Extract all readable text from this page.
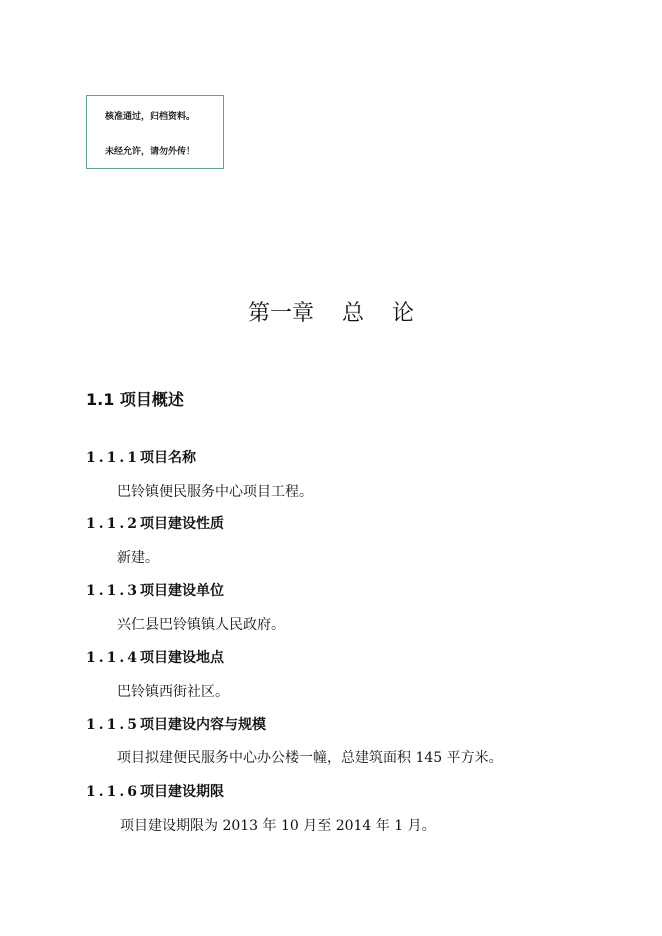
核准通过，归档资料。
未经允许，请勿外传！
第一章    总    论
1.1 项目概述
1.1.1项目名称

巴铃镇便民服务中心项目工程。

1.1.2项目建设性质

新建。

1.1.3项目建设单位

兴仁县巴铃镇镇人民政府。

1.1.4项目建设地点

巴铃镇西街社区。

1.1.5项目建设内容与规模

项目拟建便民服务中心办公楼一幢，总建筑面积 145 平方米。

1.1.6项目建设期限

项目建设期限为 2013 年 10 月至 2014 年 1 月。
